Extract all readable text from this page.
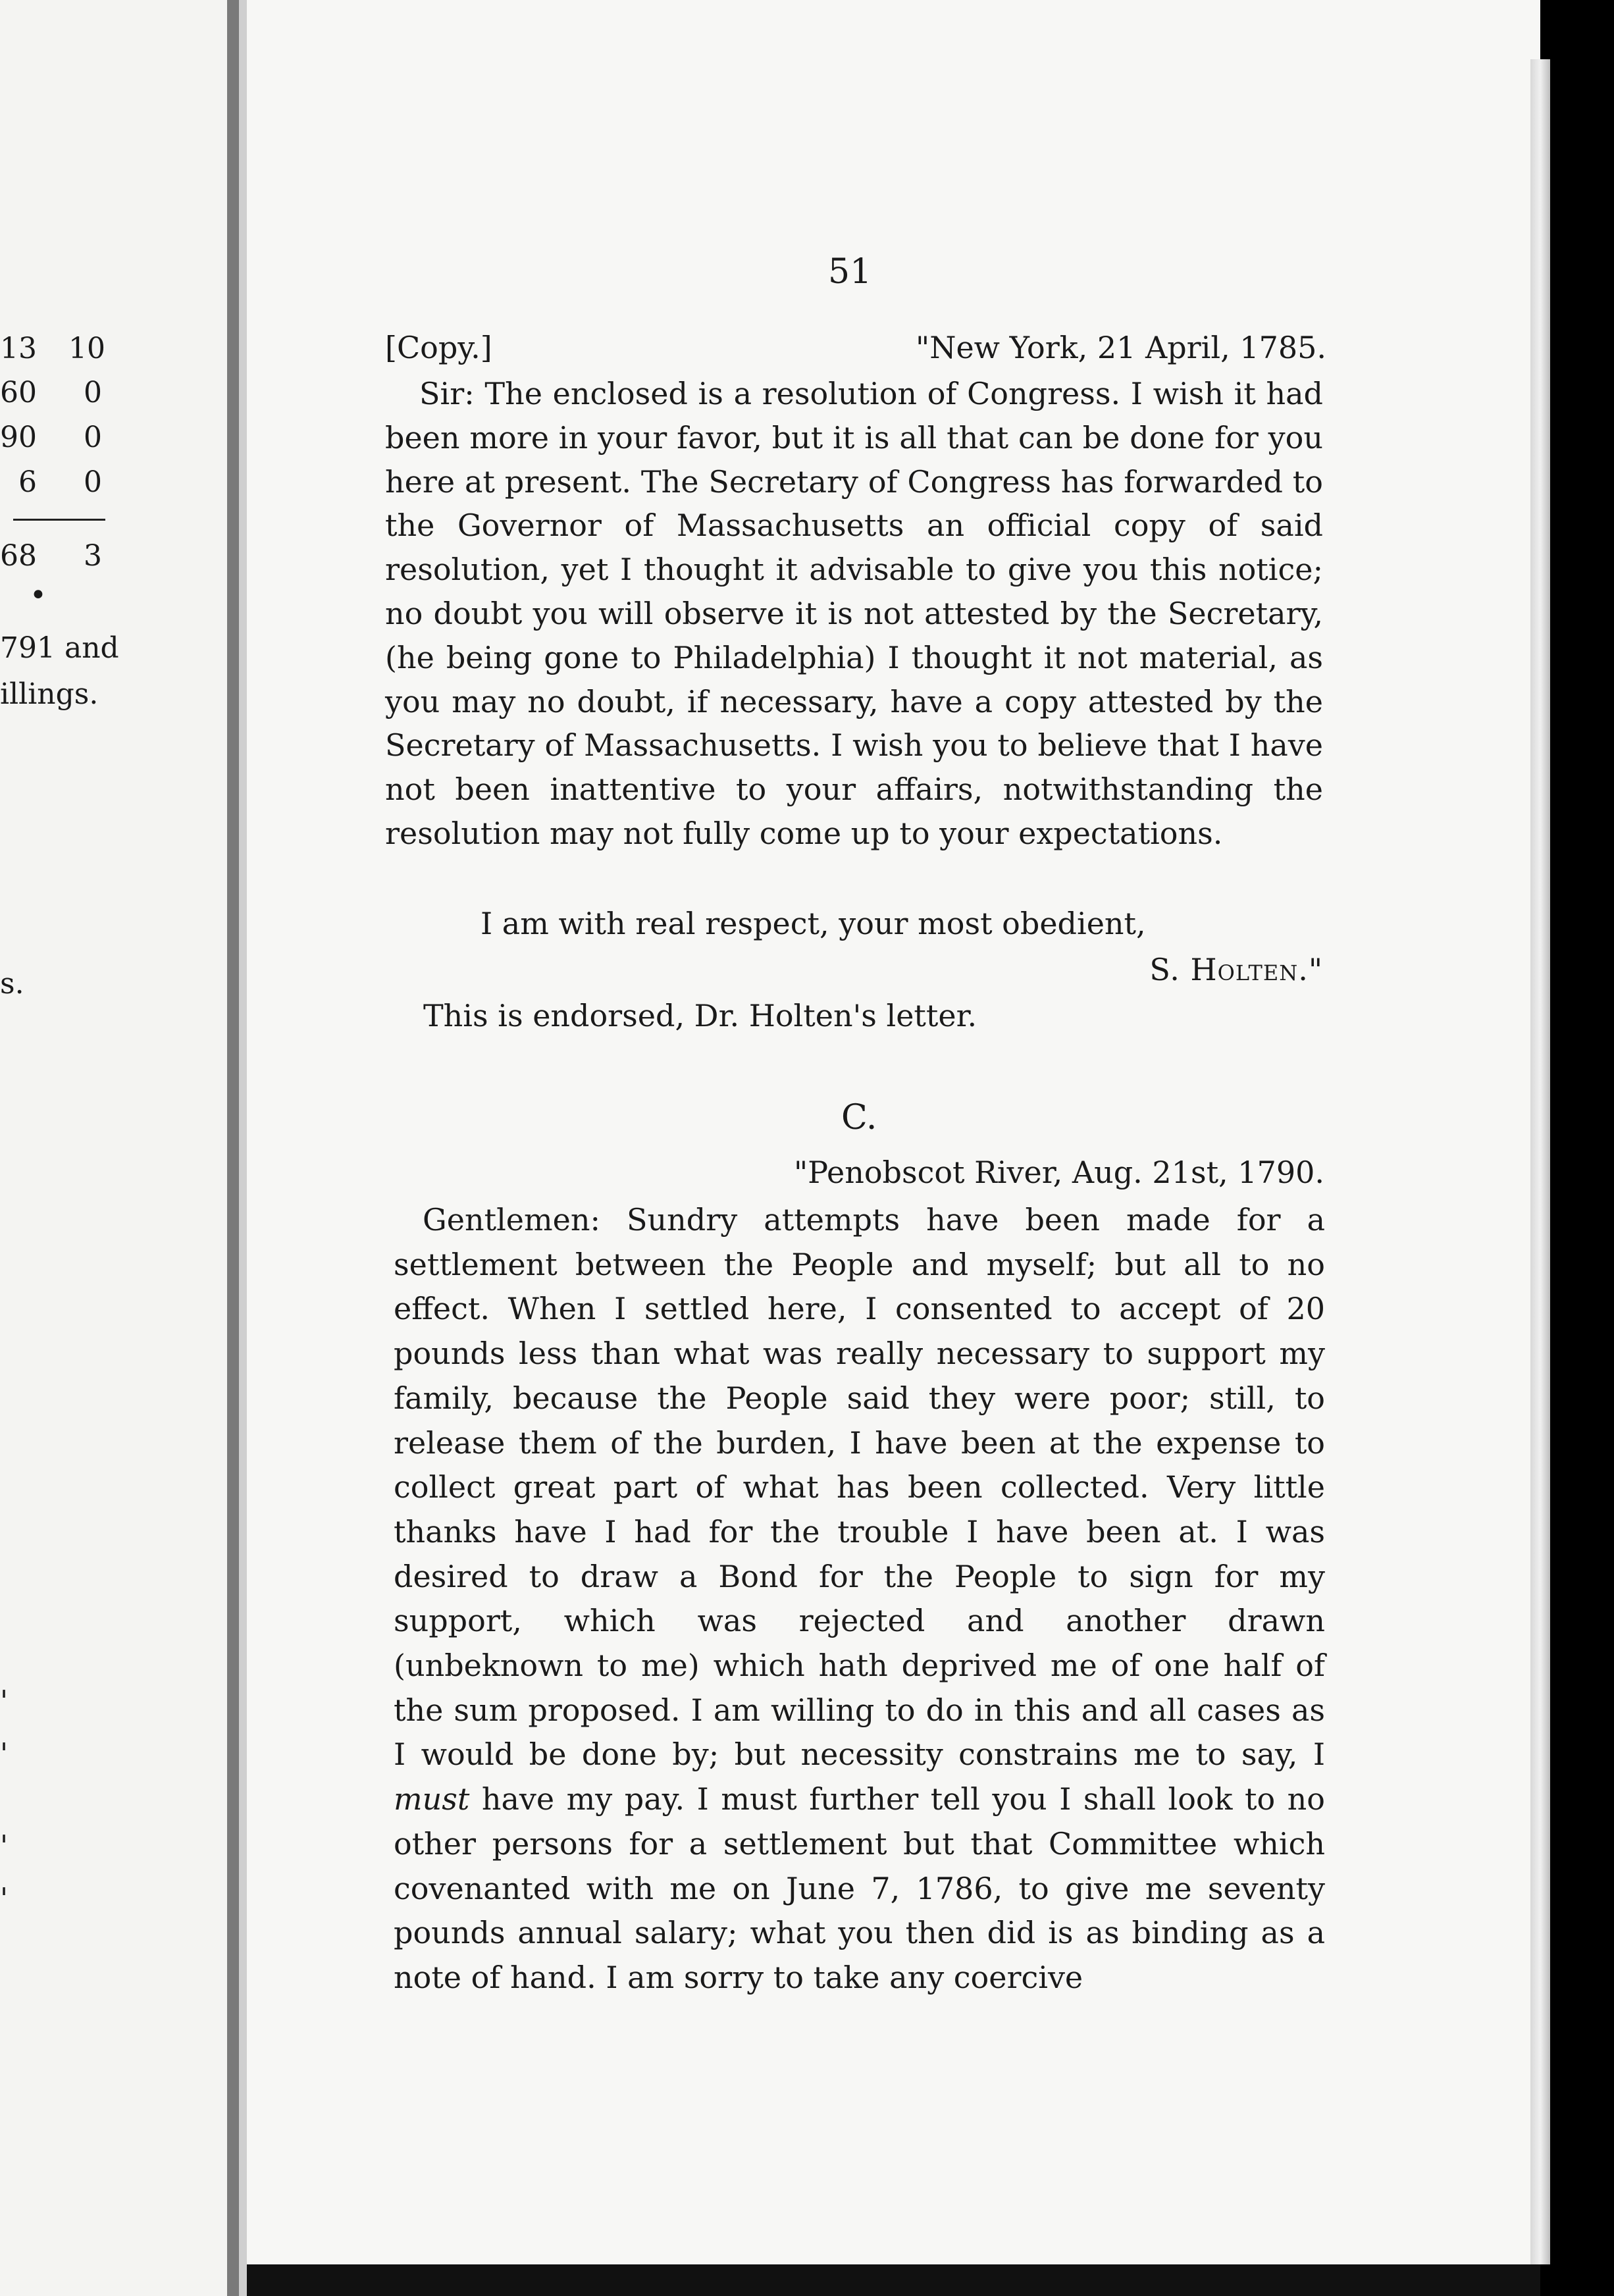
13 10
60 0
90 0
6 0
68 3
•
791 and
illings.
s.
'
'
'
'
51
[Copy.]	"New York, 21 April, 1785.

Sir: The enclosed is a resolution of Congress. I wish it had been more in your favor, but it is all that can be done for you here at present. The Secretary of Congress has forwarded to the Governor of Massachusetts an official copy of said resolution, yet I thought it advisable to give you this notice; no doubt you will observe it is not attested by the Secretary, (he being gone to Philadelphia) I thought it not material, as you may no doubt, if necessary, have a copy attested by the Secretary of Massachusetts. I wish you to believe that I have not been inattentive to your affairs, notwithstanding the resolution may not fully come up to your expectations.

I am with real respect, your most obedient,
S. Holten."
This is endorsed, Dr. Holten's letter.
C.
"Penobscot River, Aug. 21st, 1790.

Gentlemen: Sundry attempts have been made for a settlement between the People and myself; but all to no effect. When I settled here, I consented to accept of 20 pounds less than what was really necessary to support my family, because the People said they were poor; still, to release them of the burden, I have been at the expense to collect great part of what has been collected. Very little thanks have I had for the trouble I have been at. I was desired to draw a Bond for the People to sign for my support, which was rejected and another drawn (unbeknown to me) which hath deprived me of one half of the sum proposed. I am willing to do in this and all cases as I would be done by; but necessity constrains me to say, I must have my pay. I must further tell you I shall look to no other persons for a settlement but that Committee which covenanted with me on June 7, 1786, to give me seventy pounds annual salary; what you then did is as binding as a note of hand. I am sorry to take any coercive
